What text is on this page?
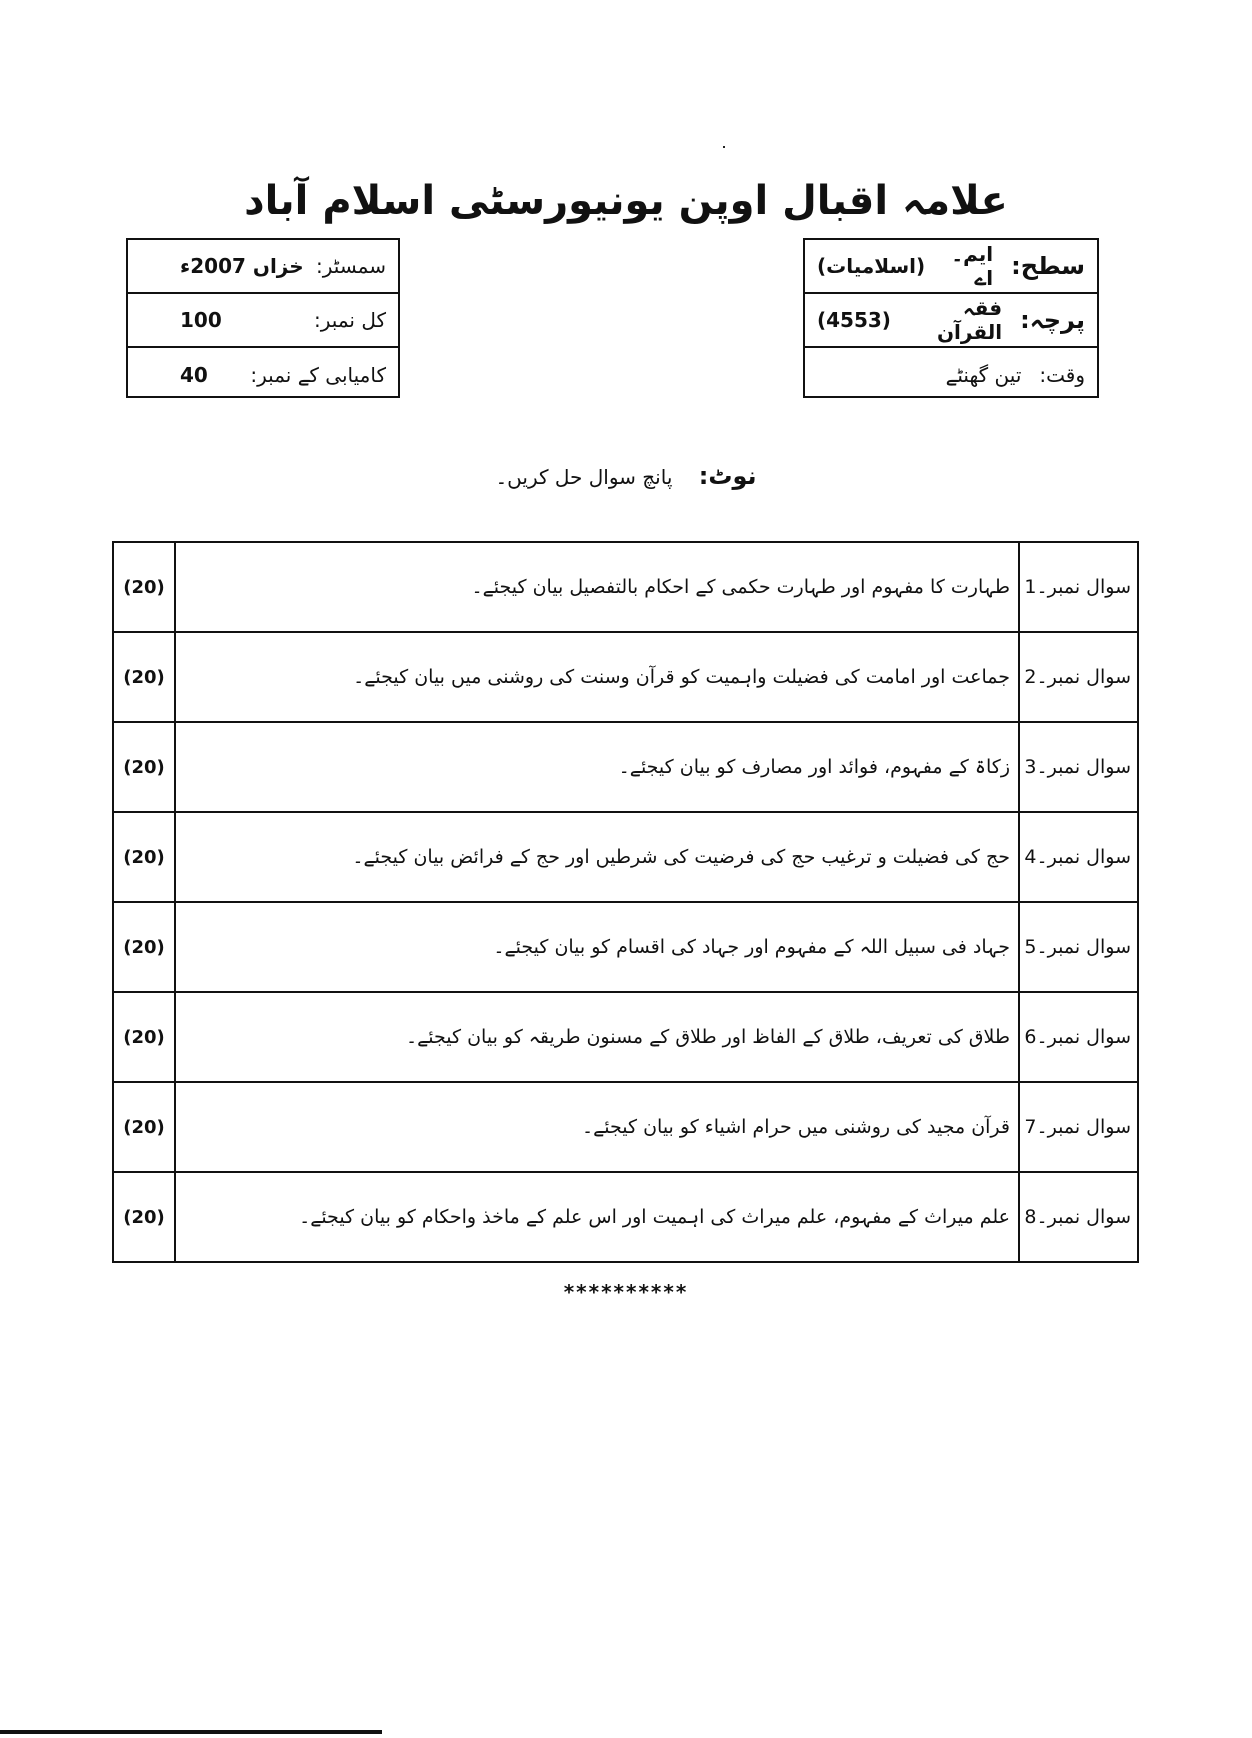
علامہ اقبال اوپن یونیورسٹی اسلام آباد
سطح:
ایم۔اے
(اسلامیات)
پرچہ:
فقہ القرآن
(4553)
وقت:
تین گھنٹے
سمسٹر:
خزاں 2007ء
کل نمبر:
100
کامیابی کے نمبر:
40
نوٹ: پانچ سوال حل کریں۔
سوال نمبر۔1	طہارت کا مفہوم اور طہارت حکمی کے احکام بالتفصیل بیان کیجئے۔	(20)
سوال نمبر۔2	جماعت اور امامت کی فضیلت واہمیت کو قرآن وسنت کی روشنی میں بیان کیجئے۔	(20)
سوال نمبر۔3	زکاۃ کے مفہوم، فوائد اور مصارف کو بیان کیجئے۔	(20)
سوال نمبر۔4	حج کی فضیلت و ترغیب حج کی فرضیت کی شرطیں اور حج کے فرائض بیان کیجئے۔	(20)
سوال نمبر۔5	جہاد فی سبیل اللہ کے مفہوم اور جہاد کی اقسام کو بیان کیجئے۔	(20)
سوال نمبر۔6	طلاق کی تعریف، طلاق کے الفاظ اور طلاق کے مسنون طریقہ کو بیان کیجئے۔	(20)
سوال نمبر۔7	قرآن مجید کی روشنی میں حرام اشیاء کو بیان کیجئے۔	(20)
سوال نمبر۔8	علم میراث کے مفہوم، علم میراث کی اہمیت اور اس علم کے ماخذ واحکام کو بیان کیجئے۔	(20)
**********
